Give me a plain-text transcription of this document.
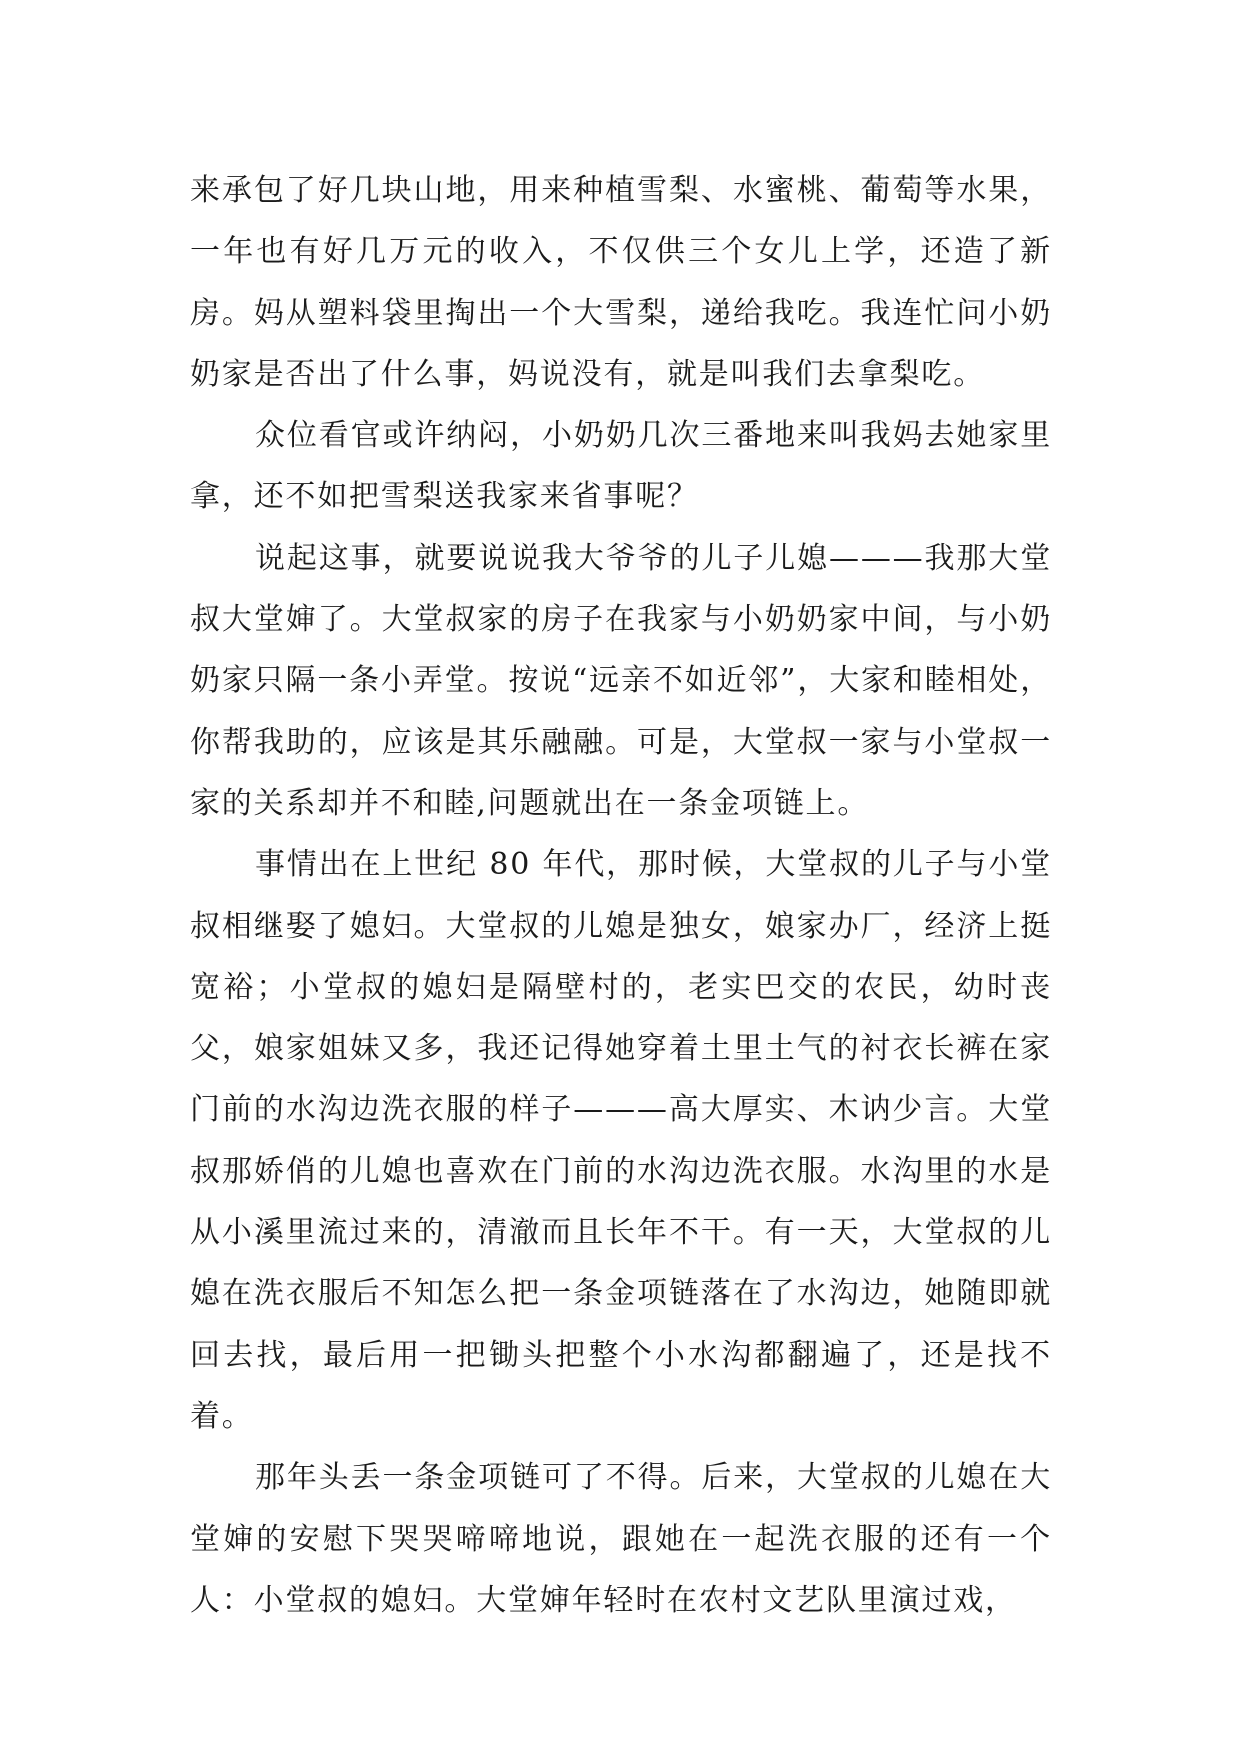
来承包了好几块山地，用来种植雪梨、水蜜桃、葡萄等水果，一年也有好几万元的收入，不仅供三个女儿上学，还造了新房。妈从塑料袋里掏出一个大雪梨，递给我吃。我连忙问小奶奶家是否出了什么事，妈说没有，就是叫我们去拿梨吃。

众位看官或许纳闷，小奶奶几次三番地来叫我妈去她家里拿，还不如把雪梨送我家来省事呢？

说起这事，就要说说我大爷爷的儿子儿媳———我那大堂叔大堂婶了。大堂叔家的房子在我家与小奶奶家中间，与小奶奶家只隔一条小弄堂。按说“远亲不如近邻”，大家和睦相处，你帮我助的，应该是其乐融融。可是，大堂叔一家与小堂叔一家的关系却并不和睦,问题就出在一条金项链上。

事情出在上世纪 80 年代，那时候，大堂叔的儿子与小堂叔相继娶了媳妇。大堂叔的儿媳是独女，娘家办厂，经济上挺宽裕；小堂叔的媳妇是隔壁村的，老实巴交的农民，幼时丧父，娘家姐妹又多，我还记得她穿着土里土气的衬衣长裤在家门前的水沟边洗衣服的样子———高大厚实、木讷少言。大堂叔那娇俏的儿媳也喜欢在门前的水沟边洗衣服。水沟里的水是从小溪里流过来的，清澈而且长年不干。有一天，大堂叔的儿媳在洗衣服后不知怎么把一条金项链落在了水沟边，她随即就回去找，最后用一把锄头把整个小水沟都翻遍了，还是找不着。

那年头丢一条金项链可了不得。后来，大堂叔的儿媳在大堂婶的安慰下哭哭啼啼地说，跟她在一起洗衣服的还有一个人：小堂叔的媳妇。大堂婶年轻时在农村文艺队里演过戏，
